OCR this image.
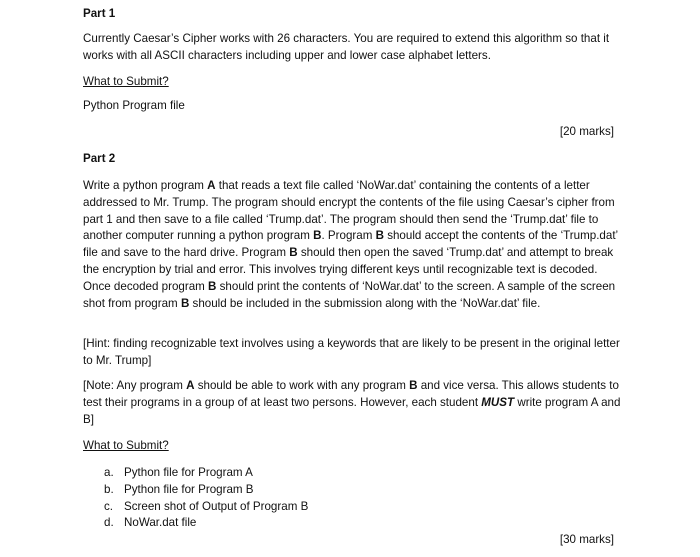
Part 1

Currently Caesar’s Cipher works with 26 characters. You are required to extend this algorithm so that it works with all ASCII characters including upper and lower case alphabet letters.

What to Submit?
Python Program file
[20 marks]
Part 2

Write a python program A that reads a text file called ‘NoWar.dat’ containing the contents of a letter addressed to Mr. Trump. The program should encrypt the contents of the file using Caesar’s cipher from part 1 and then save to a file called ‘Trump.dat’. The program should then send the ‘Trump.dat’ file to another computer running a python program B. Program B should accept the contents of the ‘Trump.dat’ file and save to the hard drive. Program B should then open the saved ‘Trump.dat’ and attempt to break the encryption by trial and error. This involves trying different keys until recognizable text is decoded. Once decoded program B should print the contents of ‘NoWar.dat’ to the screen. A sample of the screen shot from program B should be included in the submission along with the ‘NoWar.dat’ file.

[Hint: finding recognizable text involves using a keywords that are likely to be present in the original letter to Mr. Trump]

[Note: Any program A should be able to work with any program B and vice versa. This allows students to test their programs in a group of at least two persons. However, each student MUST write program A and B]

What to Submit?
a. Python file for Program A
b. Python file for Program B
c. Screen shot of Output of Program B
d. NoWar.dat file
[30 marks]
